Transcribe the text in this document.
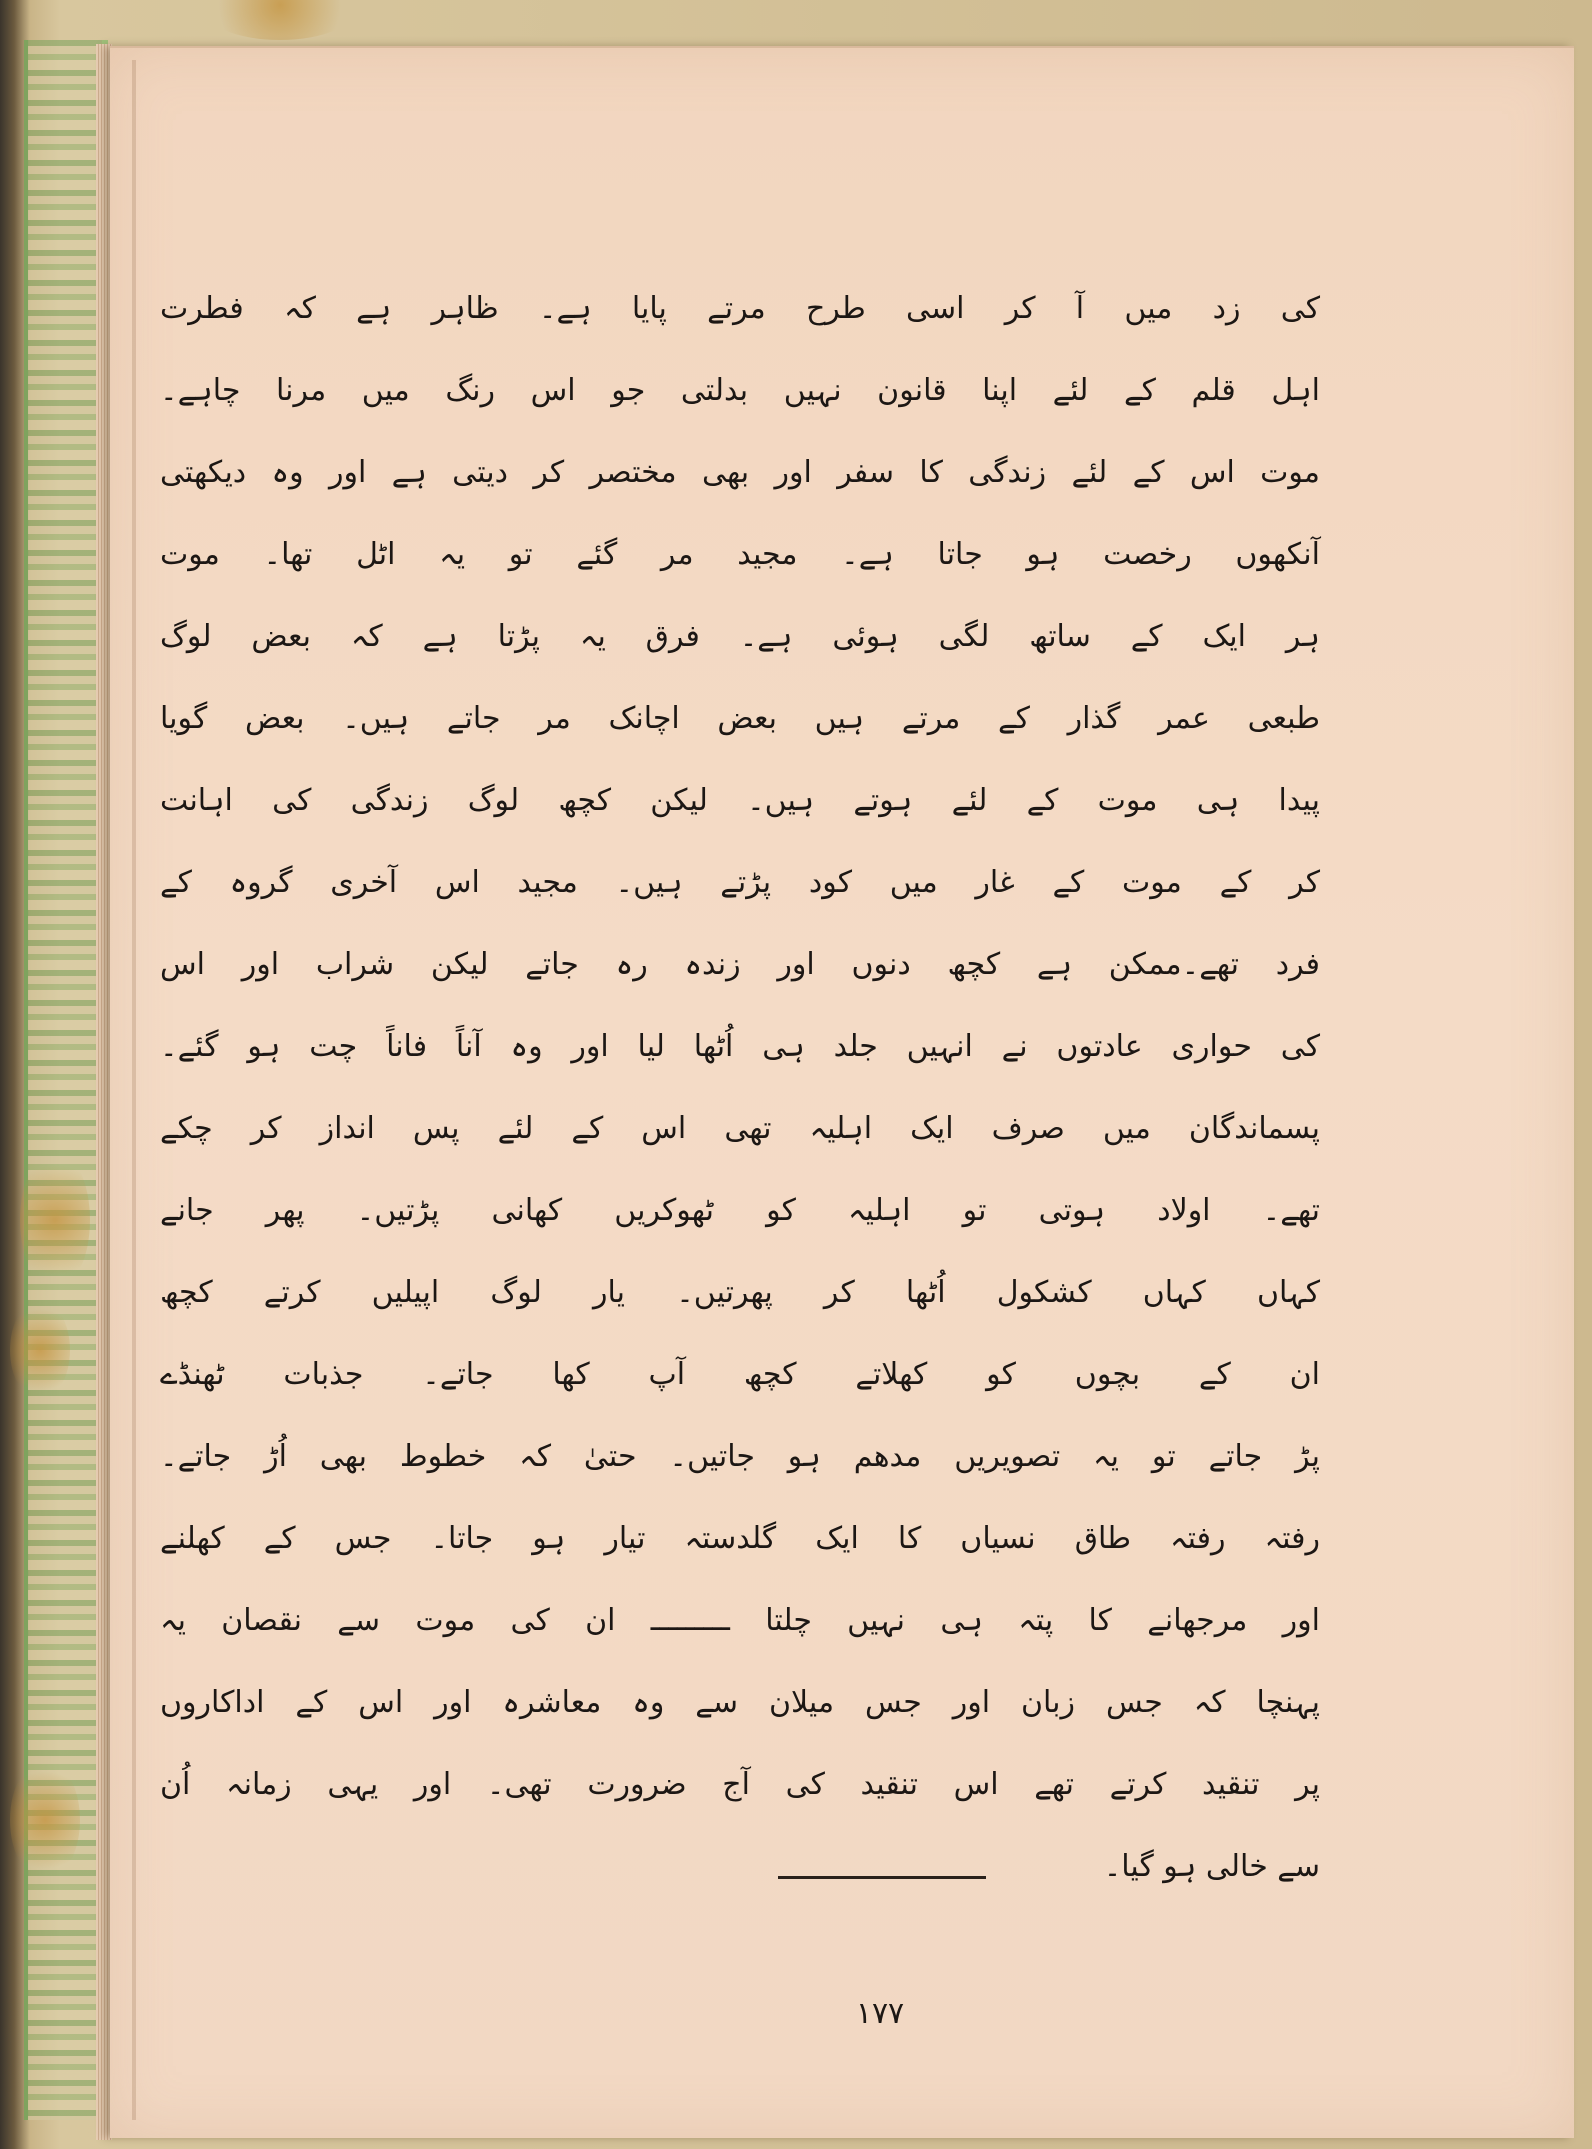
کی زد میں آ کر اسی طرح مرتے پایا ہے۔ ظاہر ہے کہ فطرت
اہل قلم کے لئے اپنا قانون نہیں بدلتی جو اس رنگ میں مرنا چاہے۔
موت اس کے لئے زندگی کا سفر اور بھی مختصر کر دیتی ہے اور وہ دیکھتی
آنکھوں رخصت ہو جاتا ہے۔ مجید مر گئے تو یہ اٹل تھا۔ موت
ہر ایک کے ساتھ لگی ہوئی ہے۔ فرق یہ پڑتا ہے کہ بعض لوگ
طبعی عمر گذار کے مرتے ہیں بعض اچانک مر جاتے ہیں۔ بعض گویا
پیدا ہی موت کے لئے ہوتے ہیں۔ لیکن کچھ لوگ زندگی کی اہانت
کر کے موت کے غار میں کود پڑتے ہیں۔ مجید اس آخری گروہ کے
فرد تھے۔ممکن ہے کچھ دنوں اور زندہ رہ جاتے لیکن شراب اور اس
کی حواری عادتوں نے انہیں جلد ہی اُٹھا لیا اور وہ آناً فاناً چت ہو گئے۔
پسماندگان میں صرف ایک اہلیہ تھی اس کے لئے پس انداز کر چکے
تھے۔ اولاد ہوتی تو اہلیہ کو ٹھوکریں کھانی پڑتیں۔ پھر جانے
کہاں کہاں کشکول اُٹھا کر پھرتیں۔ یار لوگ اپیلیں کرتے کچھ
ان کے بچوں کو کھلاتے کچھ آپ کھا جاتے۔ جذبات ٹھنڈے
پڑ جاتے تو یہ تصویریں مدھم ہو جاتیں۔ حتیٰ کہ خطوط بھی اُڑ جاتے۔
رفتہ رفتہ طاق نسیاں کا ایک گلدستہ تیار ہو جاتا۔ جس کے کھلنے
اور مرجھانے کا پتہ ہی نہیں چلتا ـــــــــ ان کی موت سے نقصان یہ
پہنچا کہ جس زبان اور جس میلان سے وہ معاشرہ اور اس کے اداکاروں
پر تنقید کرتے تھے اس تنقید کی آج ضرورت تھی۔ اور یہی زمانہ اُن
سے خالی ہو گیا۔
۱۷۷
